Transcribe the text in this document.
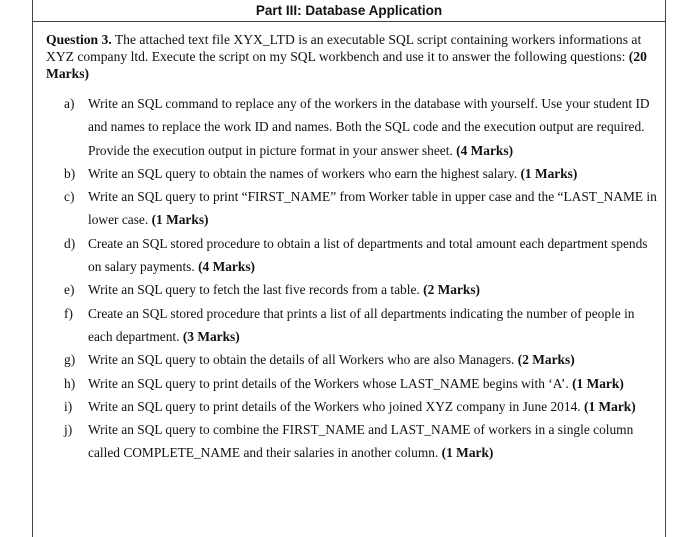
Part III: Database Application

Question 3. The attached text file XYX_LTD is an executable SQL script containing workers informations at XYZ company ltd. Execute the script on my SQL workbench and use it to answer the following questions: (20 Marks)

a)	Write an SQL command to replace any of the workers in the database with yourself. Use your student ID and names to replace the work ID and names. Both the SQL code and the execution output are required. Provide the execution output in picture format in your answer sheet. (4 Marks)
b) Write an SQL query to obtain the names of workers who earn the highest salary. (1 Marks)
c)	Write an SQL query to print “FIRST_NAME” from Worker table in upper case and the “LAST_NAME in lower case. (1 Marks)
d) Create an SQL stored procedure to obtain a list of departments and total amount each department spends on salary payments. (4 Marks)
e)	Write an SQL query to fetch the last five records from a table. (2 Marks)
f)	Create an SQL stored procedure that prints a list of all departments indicating the number of people in each department. (3 Marks)
g) Write an SQL query to obtain the details of all Workers who are also Managers. (2 Marks)
h) Write an SQL query to print details of the Workers whose LAST_NAME begins with ‘A’. (1 Mark)
i)	Write an SQL query to print details of the Workers who joined XYZ company in June 2014. (1 Mark)
j)	Write an SQL query to combine the FIRST_NAME and LAST_NAME of workers in a single column called COMPLETE_NAME and their salaries in another column. (1 Mark)
